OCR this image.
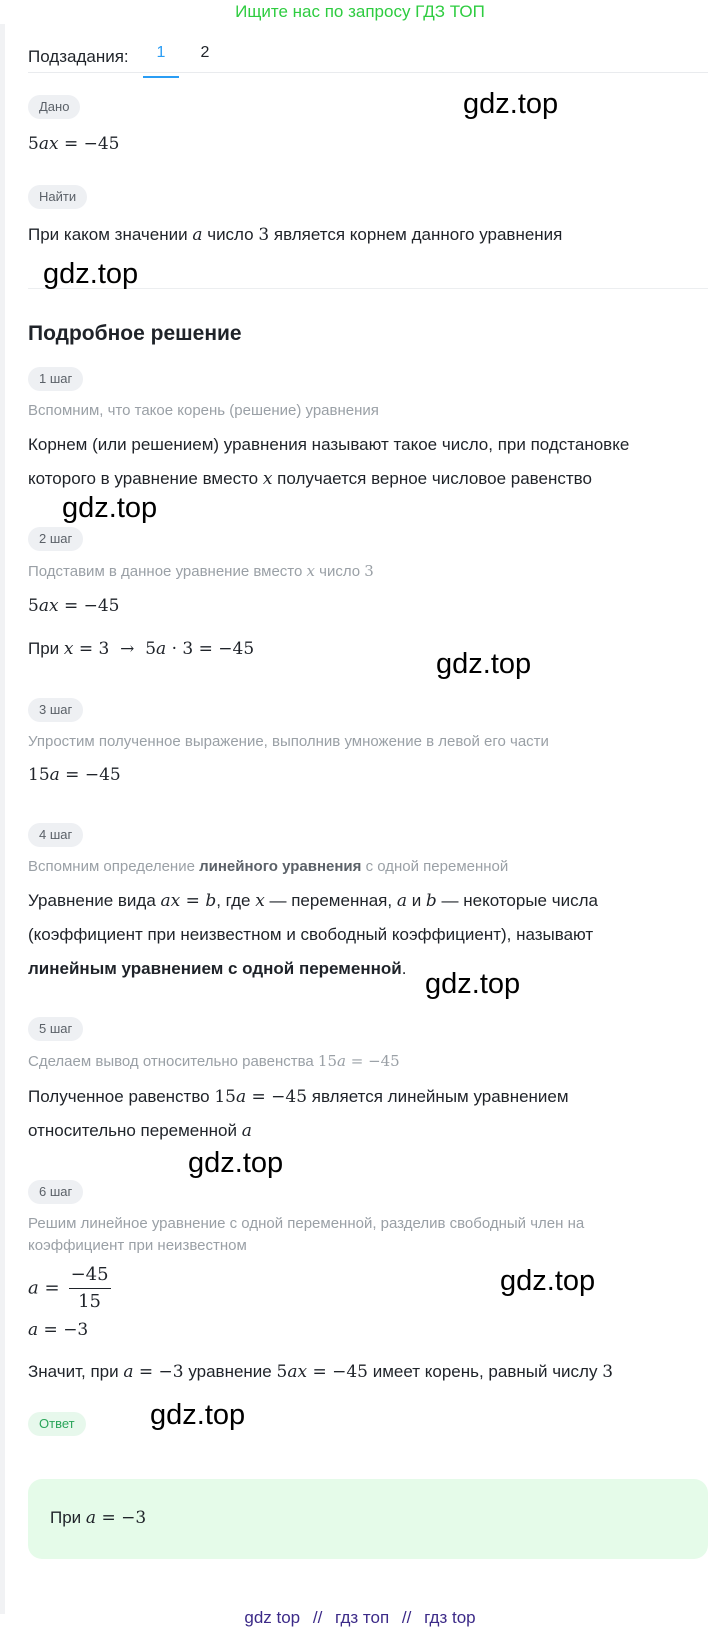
Ищите нас по запросу ГДЗ ТОП
Подзадания:	1	2
Дано
5ax = −45
Найти
При каком значении a число 3 является корнем данного уравнения
Подробное решение
1 шаг
Вспомним, что такое корень (решение) уравнения
Корнем (или решением) уравнения называют такое число, при подстановке
которого в уравнение вместо x получается верное числовое равенство
2 шаг
Подставим в данное уравнение вместо x число 3
5ax = −45
При x = 3  →  5a · 3 = −45
3 шаг
Упростим полученное выражение, выполнив умножение в левой его части
15a = −45
4 шаг
Вспомним определение линейного уравнения с одной переменной
Уравнение вида ax = b, где x — переменная, a и b — некоторые числа
(коэффициент при неизвестном и свободный коэффициент), называют
линейным уравнением с одной переменной.
5 шаг
Сделаем вывод относительно равенства 15a = −45
Полученное равенство 15a = −45 является линейным уравнением
относительно переменной a
6 шаг
Решим линейное уравнение с одной переменной, разделив свободный член на
коэффициент при неизвестном
$a = \frac{-45}{15}$
a = −3
Значит, при a = −3 уравнение 5ax = −45 имеет корень, равный числу 3
Ответ
При a = −3
gdz.top
gdz.top
gdz.top
gdz.top
gdz.top
gdz.top
gdz.top
gdz.top
gdz top // гдз топ // гдз top
